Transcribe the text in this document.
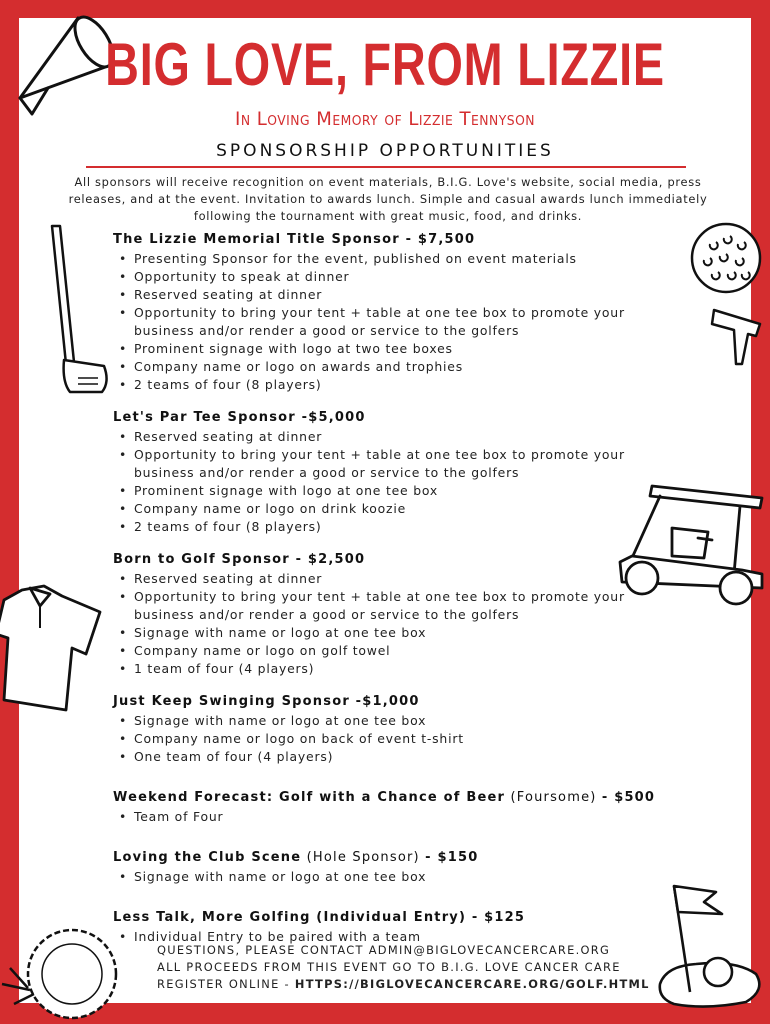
BIG LOVE, FROM LIZZIE
In Loving Memory of Lizzie Tennyson
SPONSORSHIP OPPORTUNITIES
All sponsors will receive recognition on event materials, B.I.G. Love's website, social media, press releases, and at the event. Invitation to awards lunch. Simple and casual awards lunch immediately following the tournament with great music, food, and drinks.
The Lizzie Memorial Title Sponsor - $7,500
• Presenting Sponsor for the event, published on event materials
• Opportunity to speak at dinner
• Reserved seating at dinner
• Opportunity to bring your tent + table at one tee box to promote your
business and/or render a good or service to the golfers
• Prominent signage with logo at two tee boxes
• Company name or logo on awards and trophies
• 2 teams of four (8 players)
Let's Par Tee Sponsor -$5,000
• Reserved seating at dinner
• Opportunity to bring your tent + table at one tee box to promote your
business and/or render a good or service to the golfers
• Prominent signage with logo at one tee box
• Company name or logo on drink koozie
• 2 teams of four (8 players)
Born to Golf Sponsor - $2,500
• Reserved seating at dinner
• Opportunity to bring your tent + table at one tee box to promote your
business and/or render a good or service to the golfers
• Signage with name or logo at one tee box
• Company name or logo on golf towel
• 1 team of four (4 players)
Just Keep Swinging Sponsor -$1,000
• Signage with name or logo at one tee box
• Company name or logo on back of event t-shirt
• One team of four (4 players)
Weekend Forecast: Golf with a Chance of Beer (Foursome) - $500
• Team of Four
Loving the Club Scene (Hole Sponsor) - $150
• Signage with name or logo at one tee box
Less Talk, More Golfing (Individual Entry) - $125
• Individual Entry to be paired with a team
QUESTIONS, PLEASE CONTACT ADMIN@BIGLOVECANCERCARE.ORG
ALL PROCEEDS FROM THIS EVENT GO TO B.I.G. LOVE CANCER CARE
REGISTER ONLINE - HTTPS://BIGLOVECANCERCARE.ORG/GOLF.HTML
